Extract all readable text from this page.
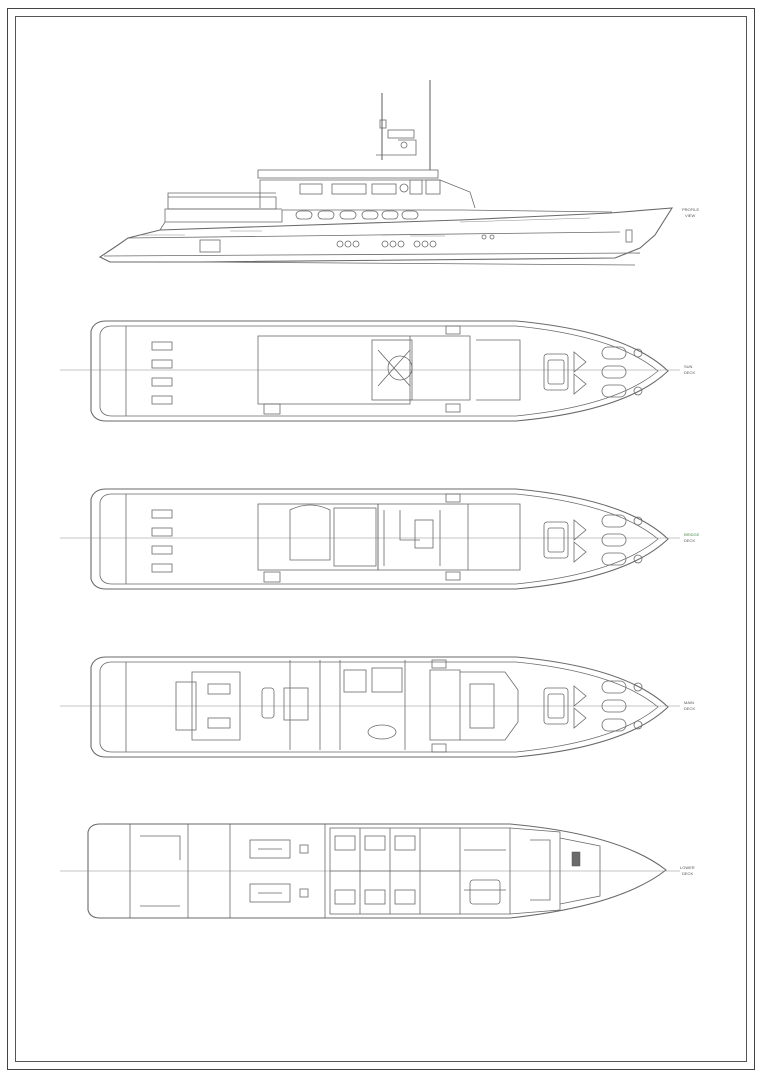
PROFILE
VIEW
SUN
DECK
BRIDGE
DECK
MAIN
DECK
LOWER
DECK
